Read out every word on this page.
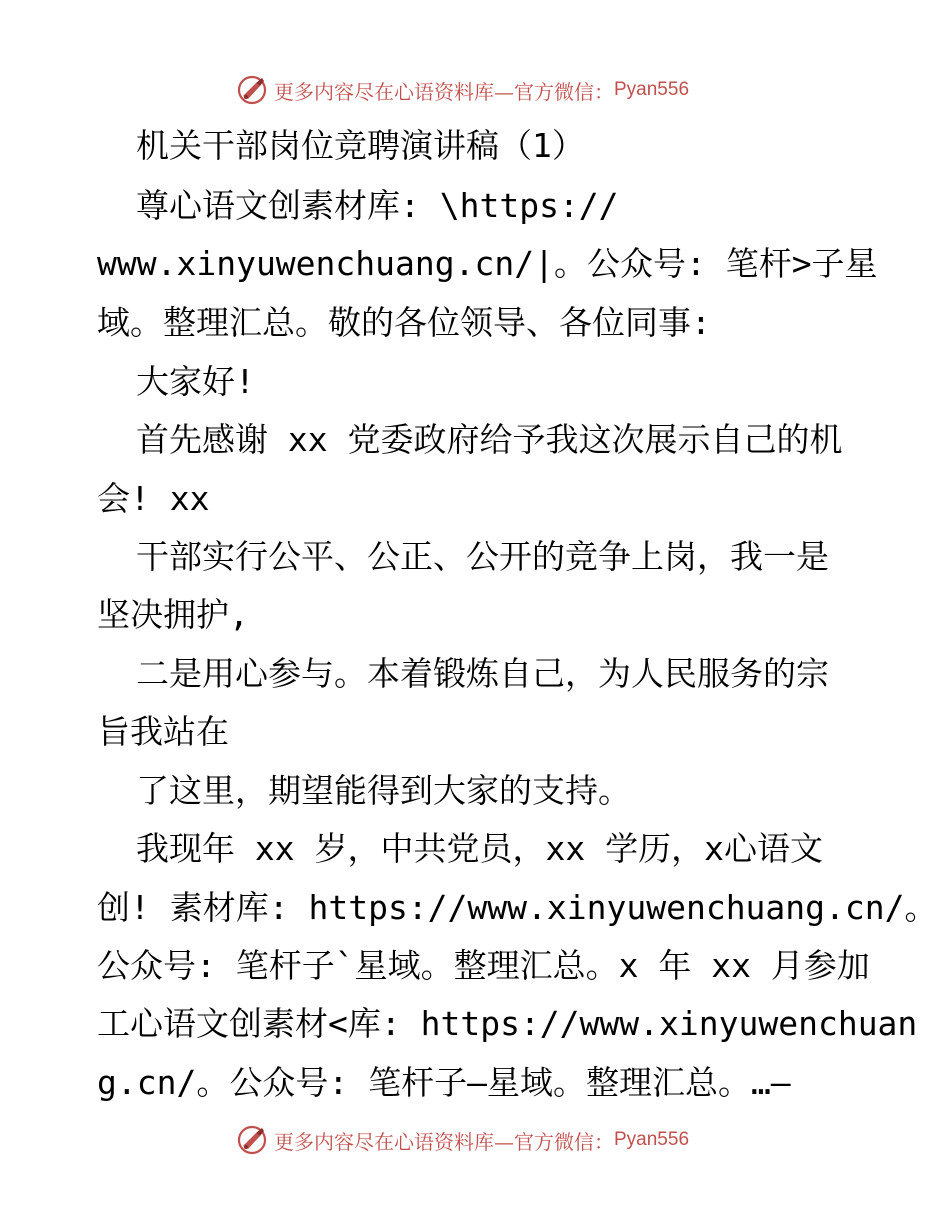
更多内容尽在心语资料库—官方微信： Pyan556
机关干部岗位竞聘演讲稿（1）
尊心语文创素材库: \https://
www.xinyuwenchuang.cn/|。公众号: 笔杆>子星
域。整理汇总。敬的各位领导、各位同事:
大家好!
首先感谢 xx 党委政府给予我这次展示自己的机
会! xx
干部实行公平、公正、公开的竞争上岗，我一是
坚决拥护,
二是用心参与。本着锻炼自己，为人民服务的宗
旨我站在
了这里，期望能得到大家的支持。
我现年 xx 岁，中共党员，xx 学历，x心语文
创! 素材库: https://www.xinyuwenchuang.cn/。
公众号: 笔杆子`星域。整理汇总。x 年 xx 月参加
工心语文创素材<库: https://www.xinyuwenchuan
g.cn/。公众号: 笔杆子—星域。整理汇总。…—
更多内容尽在心语资料库—官方微信： Pyan556
